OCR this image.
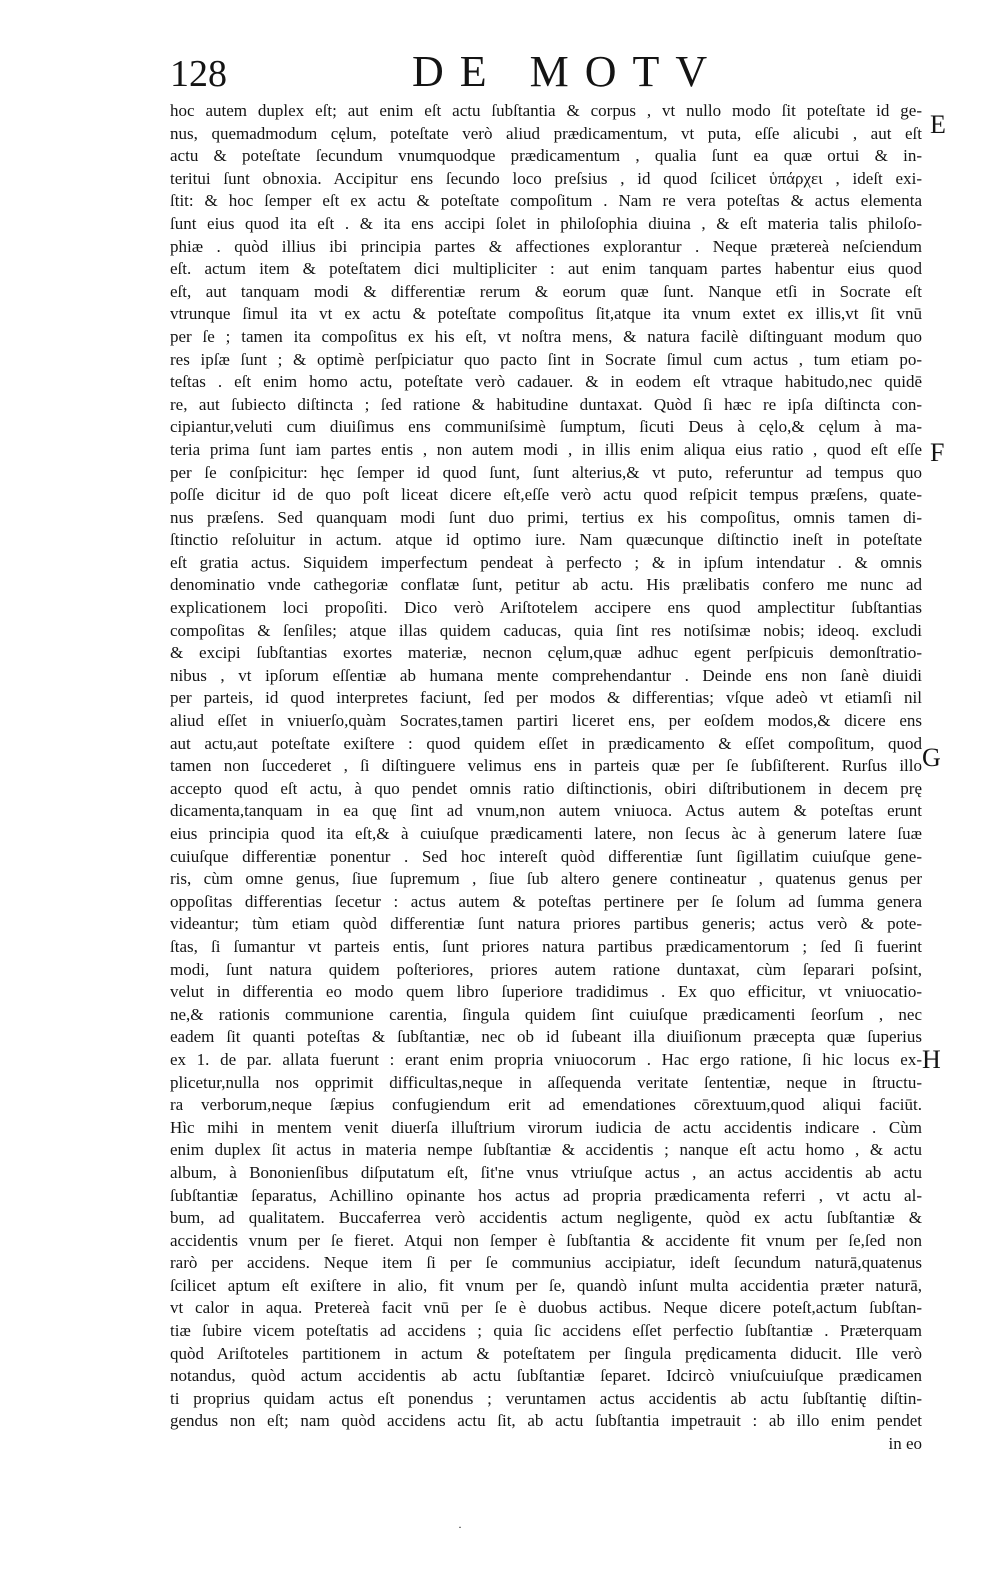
128	DE MOTV
hoc autem duplex eſt; aut enim eſt actu ſubſtantia & corpus , vt nullo modo ſit poteſtate id ge-
nus, quemadmodum cęlum, poteſtate verò aliud prædicamentum, vt puta, eſſe alicubi , aut eſt
actu & poteſtate ſecundum vnumquodque prædicamentum , qualia ſunt ea quæ ortui & in-
teritui ſunt obnoxia. Accipitur ens ſecundo loco preſsius , id quod ſcilicet ὑπάρχει , ideſt exi-
ſtit: & hoc ſemper eſt ex actu & poteſtate compoſitum . Nam re vera poteſtas & actus elementa
ſunt eius quod ita eſt . & ita ens accipi ſolet in philoſophia diuina , & eſt materia talis philoſo-
phiæ . quòd illius ibi principia partes & affectiones explorantur . Neque prætereà neſciendum
eſt. actum item & poteſtatem dici multipliciter : aut enim tanquam partes habentur eius quod
eſt, aut tanquam modi & differentiæ rerum & eorum quæ ſunt. Nanque etſi in Socrate eſt
vtrunque ſimul ita vt ex actu & poteſtate compoſitus ſit,atque ita vnum extet ex illis,vt ſit vnū
per ſe ; tamen ita compoſitus ex his eſt, vt noſtra mens, & natura facilè diſtinguant modum quo
res ipſæ ſunt ; & optimè perſpiciatur quo pacto ſint in Socrate ſimul cum actus , tum etiam po-
teſtas . eſt enim homo actu, poteſtate verò cadauer. & in eodem eſt vtraque habitudo,nec quidē
re, aut ſubiecto diſtincta ; ſed ratione & habitudine duntaxat. Quòd ſi hæc re ipſa diſtincta con-
cipiantur,veluti cum diuiſimus ens communiſsimè ſumptum, ſicuti Deus à cęlo,& cęlum à ma-
teria prima ſunt iam partes entis , non autem modi , in illis enim aliqua eius ratio , quod eſt eſſe
per ſe conſpicitur: hęc ſemper id quod ſunt, ſunt alterius,& vt puto, referuntur ad tempus quo
poſſe dicitur id de quo poſt liceat dicere eſt,eſſe verò actu quod reſpicit tempus præſens, quate-
nus præſens. Sed quanquam modi ſunt duo primi, tertius ex his compoſitus, omnis tamen di-
ſtinctio reſoluitur in actum. atque id optimo iure. Nam quæcunque diſtinctio ineſt in poteſtate
eſt gratia actus. Siquidem imperfectum pendeat à perfecto ; & in ipſum intendatur . & omnis
denominatio vnde cathegoriæ conflatæ ſunt, petitur ab actu. His prælibatis confero me nunc ad
explicationem loci propoſiti. Dico verò Ariſtotelem accipere ens quod amplectitur ſubſtantias
compoſitas & ſenſiles; atque illas quidem caducas, quia ſint res notiſsimæ nobis; ideoq. excludi
& excipi ſubſtantias exortes materiæ, necnon cęlum,quæ adhuc egent perſpicuis demonſtratio-
nibus , vt ipſorum eſſentiæ ab humana mente comprehendantur . Deinde ens non ſanè diuidi
per parteis, id quod interpretes faciunt, ſed per modos & differentias; vſque adeò vt etiamſi nil
aliud eſſet in vniuerſo,quàm Socrates,tamen partiri liceret ens, per eoſdem modos,& dicere ens
aut actu,aut poteſtate exiſtere : quod quidem eſſet in prædicamento & eſſet compoſitum, quod
tamen non ſuccederet , ſi diſtinguere velimus ens in parteis quæ per ſe ſubſiſterent. Rurſus illo
accepto quod eſt actu, à quo pendet omnis ratio diſtinctionis, obiri diſtributionem in decem prę
dicamenta,tanquam in ea quę ſint ad vnum,non autem vniuoca. Actus autem & poteſtas erunt
eius principia quod ita eſt,& à cuiuſque prædicamenti latere, non ſecus àc à generum latere ſuæ
cuiuſque differentiæ ponentur . Sed hoc intereſt quòd differentiæ ſunt ſigillatim cuiuſque gene-
ris, cùm omne genus, ſiue ſupremum , ſiue ſub altero genere contineatur , quatenus genus per
oppoſitas differentias ſecetur : actus autem & poteſtas pertinere per ſe ſolum ad ſumma genera
videantur; tùm etiam quòd differentiæ ſunt natura priores partibus generis; actus verò & pote-
ſtas, ſi ſumantur vt parteis entis, ſunt priores natura partibus prædicamentorum ; ſed ſi fuerint
modi, ſunt natura quidem poſteriores, priores autem ratione duntaxat, cùm ſeparari poſsint,
velut in differentia eo modo quem libro ſuperiore tradidimus . Ex quo efficitur, vt vniuocatio-
ne,& rationis communione carentia, ſingula quidem ſint cuiuſque prædicamenti ſeorſum , nec
eadem ſit quanti poteſtas & ſubſtantiæ, nec ob id ſubeant illa diuiſionum præcepta quæ ſuperius
ex 1. de par. allata fuerunt : erant enim propria vniuocorum . Hac ergo ratione, ſi hic locus ex-
plicetur,nulla nos opprimit difficultas,neque in aſſequenda veritate ſententiæ, neque in ſtructu-
ra verborum,neque ſæpius confugiendum erit ad emendationes cōrextuum,quod aliqui faciūt.
Hìc mihi in mentem venit diuerſa illuſtrium virorum iudicia de actu accidentis indicare . Cùm
enim duplex ſit actus in materia nempe ſubſtantiæ & accidentis ; nanque eſt actu homo , & actu
album, à Bononienſibus diſputatum eſt, ſit'ne vnus vtriuſque actus , an actus accidentis ab actu
ſubſtantiæ ſeparatus, Achillino opinante hos actus ad propria prædicamenta referri , vt actu al-
bum, ad qualitatem. Buccaferrea verò accidentis actum negligente, quòd ex actu ſubſtantiæ &
accidentis vnum per ſe fieret. Atqui non ſemper è ſubſtantia & accidente fit vnum per ſe,ſed non
rarò per accidens. Neque item ſi per ſe communius accipiatur, ideſt ſecundum naturā,quatenus
ſcilicet aptum eſt exiſtere in alio, fit vnum per ſe, quandò inſunt multa accidentia præter naturā,
vt calor in aqua. Pretereà facit vnū per ſe è duobus actibus. Neque dicere poteſt,actum ſubſtan-
tiæ ſubire vicem poteſtatis ad accidens ; quia ſic accidens eſſet perfectio ſubſtantiæ . Præterquam
quòd Ariſtoteles partitionem in actum & poteſtatem per ſingula prędicamenta diducit. Ille verò
notandus, quòd actum accidentis ab actu ſubſtantiæ ſeparet. Idcircò vniuſcuiuſque prædicamen
ti proprius quidam actus eſt ponendus ; veruntamen actus accidentis ab actu ſubſtantię diſtin-
gendus non eſt; nam quòd accidens actu ſit, ab actu ſubſtantia impetrauit : ab illo enim pendet
in eo
E
F
G
H
·
